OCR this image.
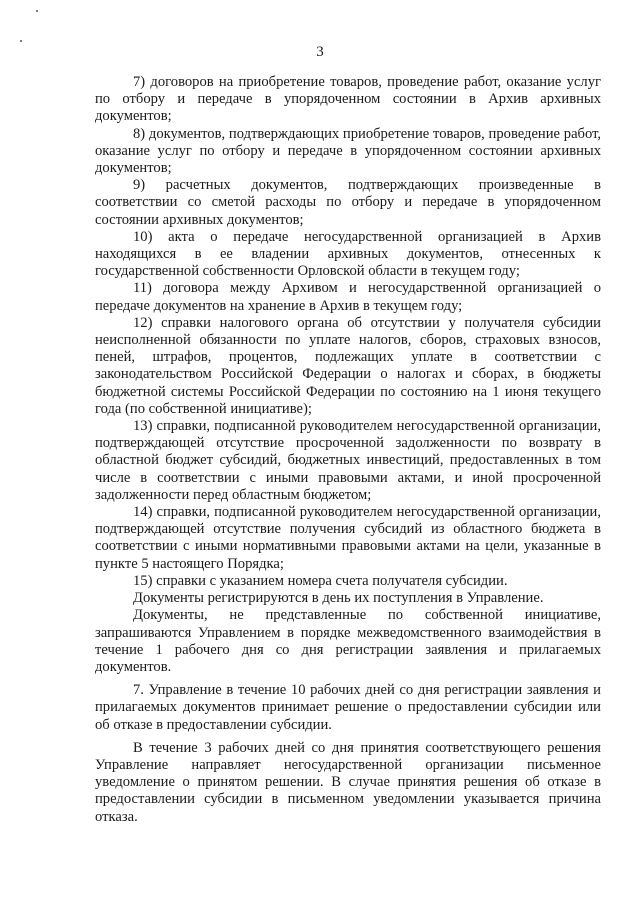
3

7) договоров на приобретение товаров, проведение работ, оказание услуг по отбору и передаче в упорядоченном состоянии в Архив архивных документов;

8) документов, подтверждающих приобретение товаров, проведение работ, оказание услуг по отбору и передаче в упорядоченном состоянии архивных документов;

9) расчетных документов, подтверждающих произведенные в соответствии со сметой расходы по отбору и передаче в упорядоченном состоянии архивных документов;

10) акта о передаче негосударственной организацией в Архив находящихся в ее владении архивных документов, отнесенных к государственной собственности Орловской области в текущем году;

11) договора между Архивом и негосударственной организацией о передаче документов на хранение в Архив в текущем году;

12) справки налогового органа об отсутствии у получателя субсидии неисполненной обязанности по уплате налогов, сборов, страховых взносов, пеней, штрафов, процентов, подлежащих уплате в соответствии с законодательством Российской Федерации о налогах и сборах, в бюджеты бюджетной системы Российской Федерации по состоянию на 1 июня текущего года (по собственной инициативе);

13) справки, подписанной руководителем негосударственной организации, подтверждающей отсутствие просроченной задолженности по возврату в областной бюджет субсидий, бюджетных инвестиций, предоставленных в том числе в соответствии с иными правовыми актами, и иной просроченной задолженности перед областным бюджетом;

14) справки, подписанной руководителем негосударственной организации, подтверждающей отсутствие получения субсидий из областного бюджета в соответствии с иными нормативными правовыми актами на цели, указанные в пункте 5 настоящего Порядка;

15) справки с указанием номера счета получателя субсидии.

Документы регистрируются в день их поступления в Управление.

Документы, не представленные по собственной инициативе, запрашиваются Управлением в порядке межведомственного взаимодействия в течение 1 рабочего дня со дня регистрации заявления и прилагаемых документов.

7. Управление в течение 10 рабочих дней со дня регистрации заявления и прилагаемых документов принимает решение о предоставлении субсидии или об отказе в предоставлении субсидии.

В течение 3 рабочих дней со дня принятия соответствующего решения Управление направляет негосударственной организации письменное уведомление о принятом решении. В случае принятия решения об отказе в предоставлении субсидии в письменном уведомлении указывается причина отказа.
